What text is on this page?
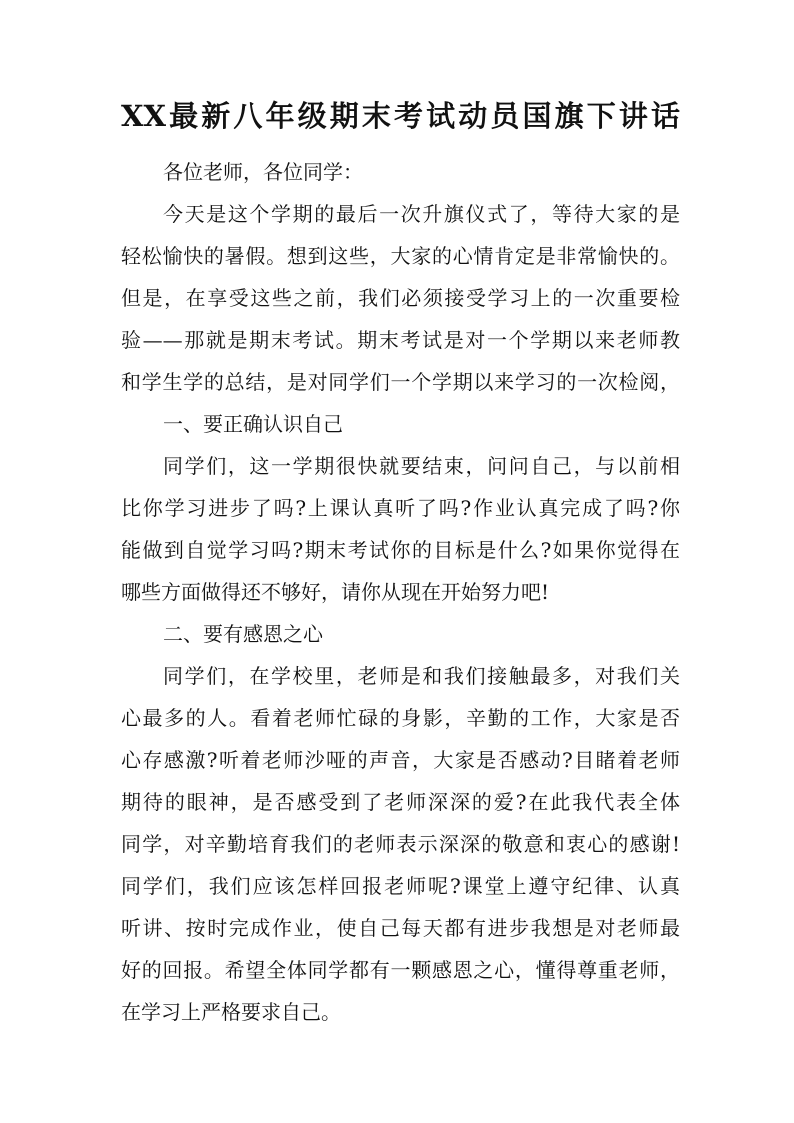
XX最新八年级期末考试动员国旗下讲话
各位老师，各位同学：
今天是这个学期的最后一次升旗仪式了，等待大家的是
轻松愉快的暑假。想到这些，大家的心情肯定是非常愉快的。
但是，在享受这些之前，我们必须接受学习上的一次重要检
验——那就是期末考试。期末考试是对一个学期以来老师教
和学生学的总结，是对同学们一个学期以来学习的一次检阅，
一、要正确认识自己
同学们，这一学期很快就要结束，问问自己，与以前相
比你学习进步了吗?上课认真听了吗?作业认真完成了吗?你
能做到自觉学习吗?期末考试你的目标是什么?如果你觉得在
哪些方面做得还不够好，请你从现在开始努力吧!
二、要有感恩之心
同学们，在学校里，老师是和我们接触最多，对我们关
心最多的人。看着老师忙碌的身影，辛勤的工作，大家是否
心存感激?听着老师沙哑的声音，大家是否感动?目睹着老师
期待的眼神，是否感受到了老师深深的爱?在此我代表全体
同学，对辛勤培育我们的老师表示深深的敬意和衷心的感谢!
同学们，我们应该怎样回报老师呢?课堂上遵守纪律、认真
听讲、按时完成作业，使自己每天都有进步我想是对老师最
好的回报。希望全体同学都有一颗感恩之心，懂得尊重老师，
在学习上严格要求自己。
